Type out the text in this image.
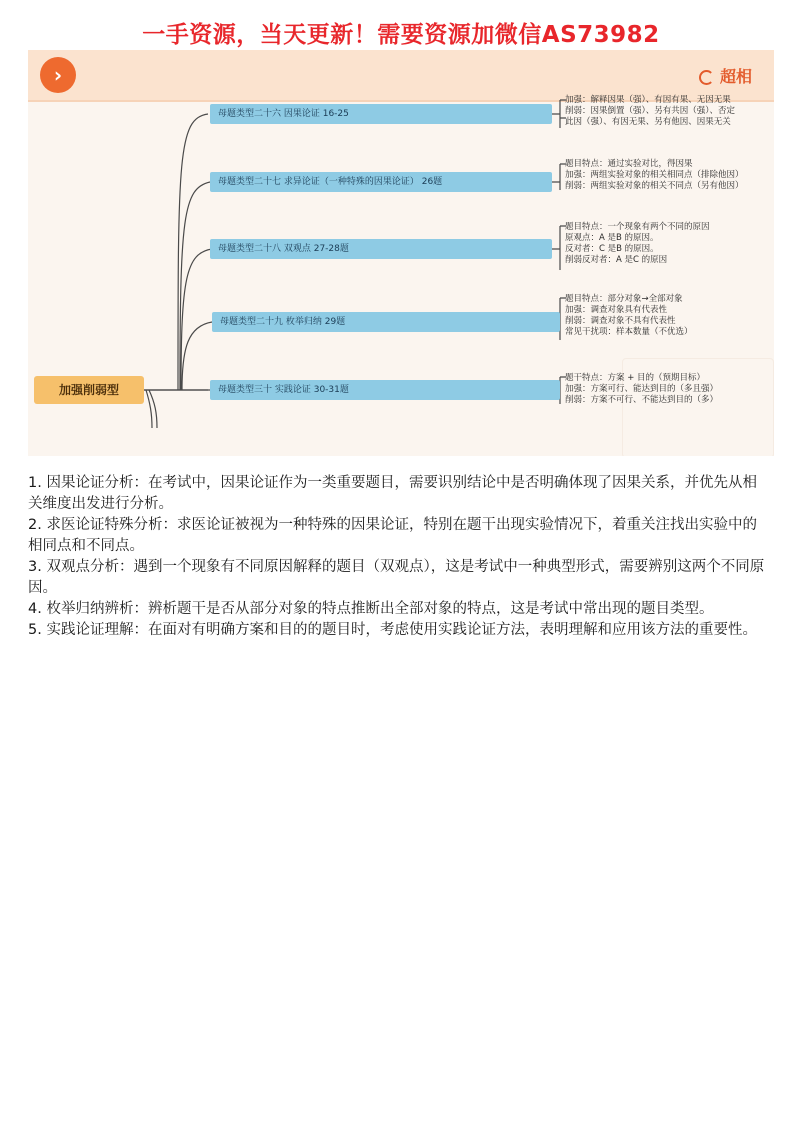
一手资源，当天更新！需要资源加微信AS73982
›	超相
加强削弱型
母题类型二十六 因果论证 16-25
加强：解释因果（强）、有因有果、无因无果
削弱：因果倒置（强）、另有共因（强）、否定
此因（强）、有因无果、另有他因、因果无关
母题类型二十七 求异论证（一种特殊的因果论证） 26题
题目特点：通过实验对比，得因果
加强：两组实验对象的相关相同点（排除他因）
削弱：两组实验对象的相关不同点（另有他因）
母题类型二十八 双观点 27-28题
题目特点：一个现象有两个不同的原因
原观点：A 是B 的原因。
反对者：C 是B 的原因。
削弱反对者：A 是C 的原因
母题类型二十九 枚举归纳 29题
题目特点：部分对象→全部对象
加强：调查对象具有代表性
削弱：调查对象不具有代表性
常见干扰项：样本数量（不优选）
母题类型三十 实践论证 30-31题
题干特点：方案 + 目的（预期目标）
加强：方案可行、能达到目的（多且强）
削弱：方案不可行、不能达到目的（多）

1. 因果论证分析：在考试中，因果论证作为一类重要题目，需要识别结论中是否明确体现了因果关系，并优先从相关维度出发进行分析。

2. 求医论证特殊分析：求医论证被视为一种特殊的因果论证，特别在题干出现实验情况下，着重关注找出实验中的相同点和不同点。

3. 双观点分析：遇到一个现象有不同原因解释的题目（双观点），这是考试中一种典型形式，需要辨别这两个不同原因。

4. 枚举归纳辨析：辨析题干是否从部分对象的特点推断出全部对象的特点，这是考试中常出现的题目类型。

5. 实践论证理解：在面对有明确方案和目的的题目时，考虑使用实践论证方法，表明理解和应用该方法的重要性。
